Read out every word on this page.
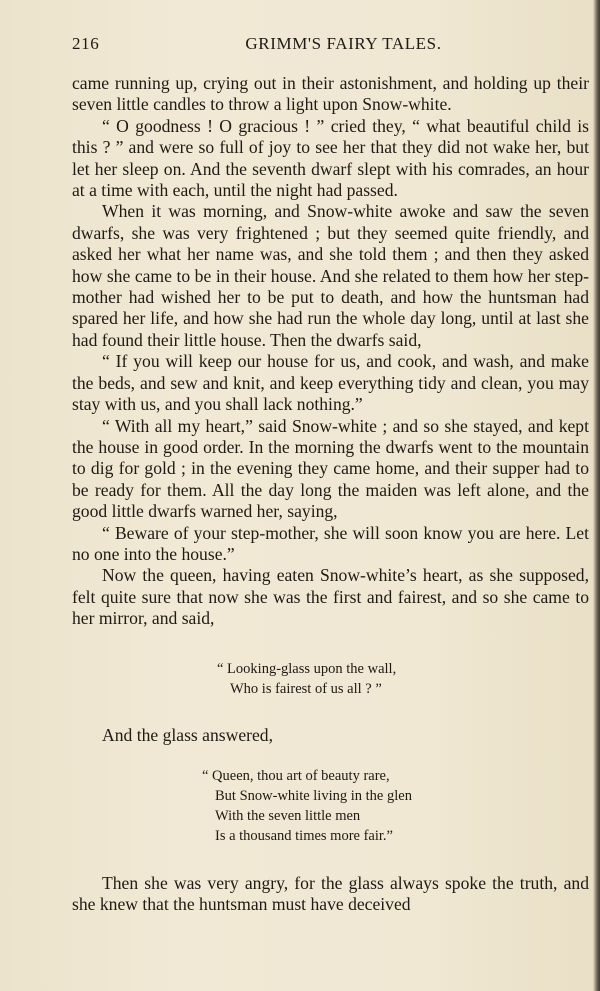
216	GRIMM'S FAIRY TALES.

came running up, crying out in their astonishment, and holding up their seven little candles to throw a light upon Snow-white.

“ O goodness ! O gracious ! ” cried they, “ what beautiful child is this ? ” and were so full of joy to see her that they did not wake her, but let her sleep on. And the seventh dwarf slept with his comrades, an hour at a time with each, until the night had passed.

When it was morning, and Snow-white awoke and saw the seven dwarfs, she was very frightened ; but they seemed quite friendly, and asked her what her name was, and she told them ; and then they asked how she came to be in their house. And she related to them how her step-mother had wished her to be put to death, and how the huntsman had spared her life, and how she had run the whole day long, until at last she had found their little house. Then the dwarfs said,

“ If you will keep our house for us, and cook, and wash, and make the beds, and sew and knit, and keep everything tidy and clean, you may stay with us, and you shall lack nothing.”

“ With all my heart,” said Snow-white ; and so she stayed, and kept the house in good order. In the morning the dwarfs went to the mountain to dig for gold ; in the evening they came home, and their supper had to be ready for them. All the day long the maiden was left alone, and the good little dwarfs warned her, saying,

“ Beware of your step-mother, she will soon know you are here. Let no one into the house.”

Now the queen, having eaten Snow-white’s heart, as she supposed, felt quite sure that now she was the first and fairest, and so she came to her mirror, and said,

“ Looking-glass upon the wall,
Who is fairest of us all ? ”

And the glass answered,

“ Queen, thou art of beauty rare,
But Snow-white living in the glen
With the seven little men
Is a thousand times more fair.”

Then she was very angry, for the glass always spoke the truth, and she knew that the huntsman must have deceived
